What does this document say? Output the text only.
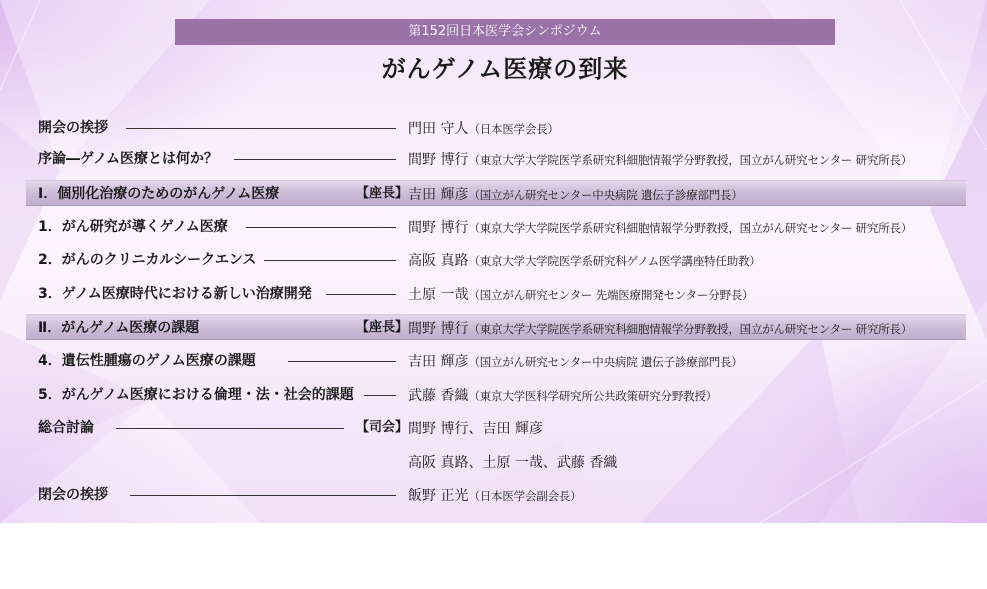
第152回日本医学会シンポジウム
がんゲノム医療の到来
開会の挨拶	門田 守人（日本医学会長）
序論―ゲノム医療とは何か？	間野 博行（東京大学大学院医学系研究科細胞情報学分野教授，国立がん研究センター 研究所長）
Ⅰ．個別化治療のためのがんゲノム医療	【座長】 吉田 輝彦（国立がん研究センター中央病院 遺伝子診療部門長）
1．がん研究が導くゲノム医療	間野 博行（東京大学大学院医学系研究科細胞情報学分野教授，国立がん研究センター 研究所長）
2．がんのクリニカルシークエンス	高阪 真路（東京大学大学院医学系研究科ゲノム医学講座特任助教）
3．ゲノム医療時代における新しい治療開発	土原 一哉（国立がん研究センター 先端医療開発センター分野長）
Ⅱ．がんゲノム医療の課題	【座長】 間野 博行（東京大学大学院医学系研究科細胞情報学分野教授，国立がん研究センター 研究所長）
4．遺伝性腫瘍のゲノム医療の課題	吉田 輝彦（国立がん研究センター中央病院 遺伝子診療部門長）
5．がんゲノム医療における倫理・法・社会的課題	武藤 香織（東京大学医科学研究所公共政策研究分野教授）
総合討論	【司会】 間野 博行、吉田 輝彦
高阪 真路、土原 一哉、武藤 香織
閉会の挨拶	飯野 正光（日本医学会副会長）
